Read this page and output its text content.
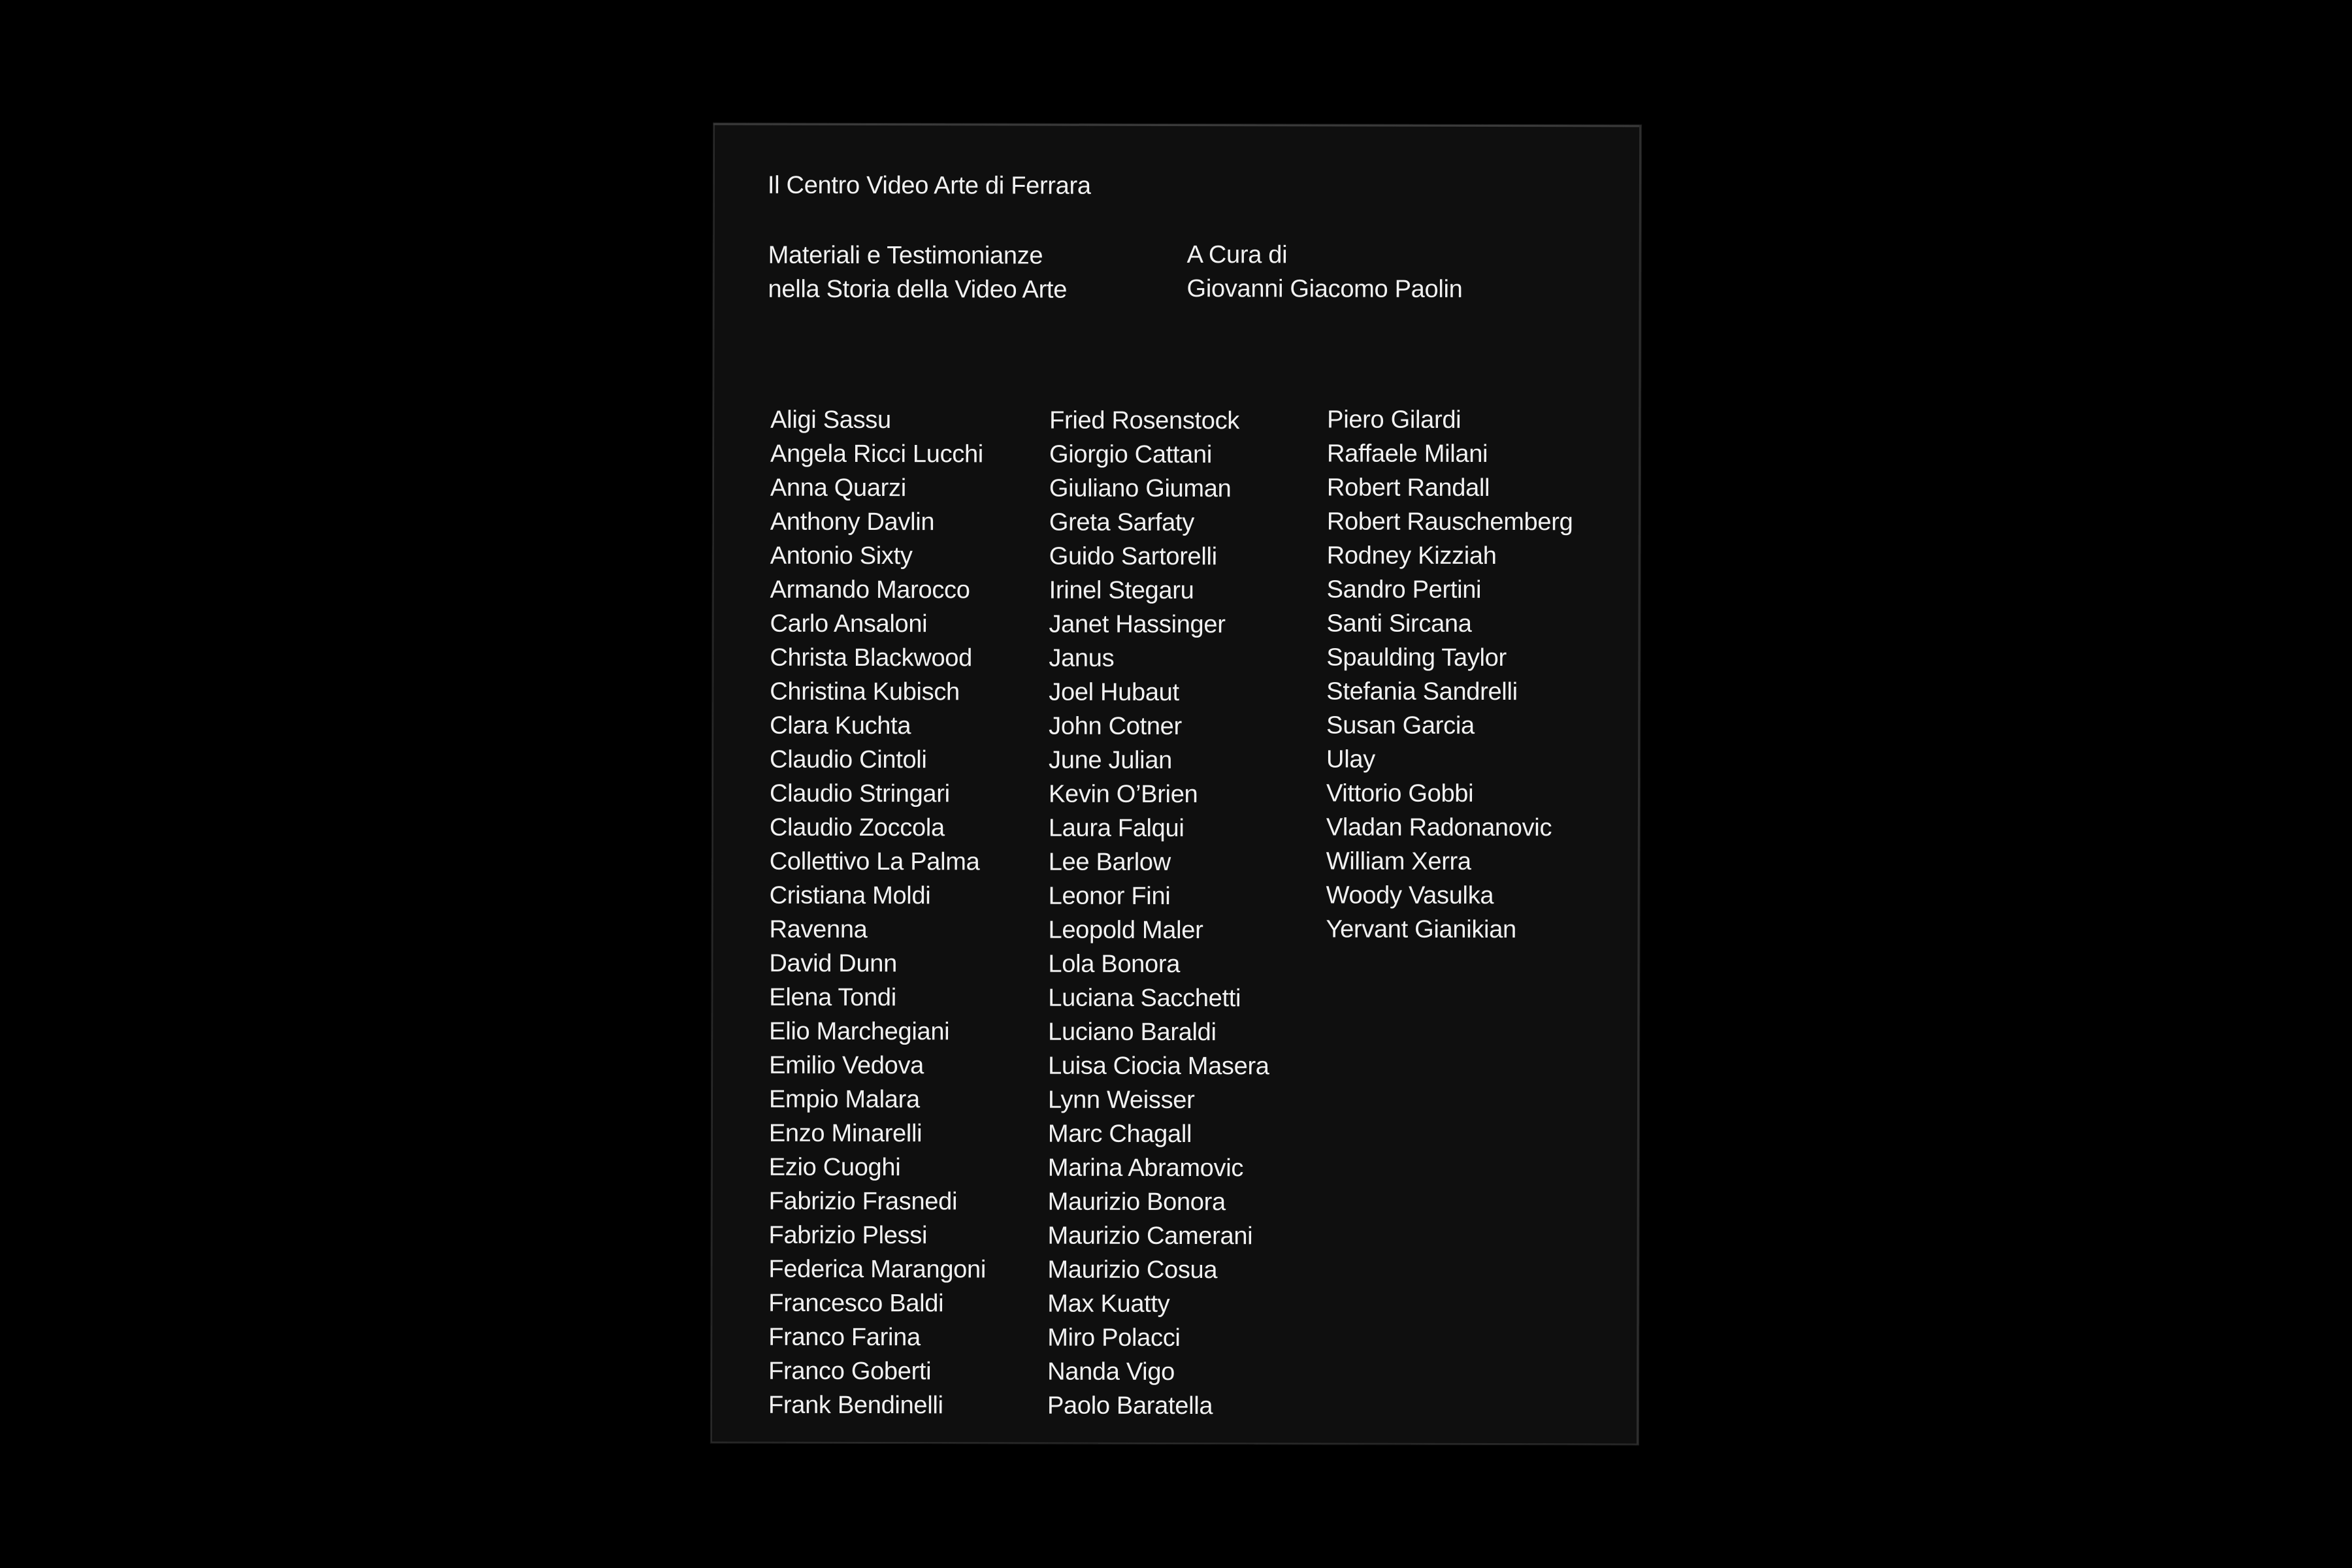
Il Centro Video Arte di Ferrara
Materiali e Testimonianze
nella Storia della Video Arte
A Cura di
Giovanni Giacomo Paolin
Aligi Sassu
Angela Ricci Lucchi
Anna Quarzi
Anthony Davlin
Antonio Sixty
Armando Marocco
Carlo Ansaloni
Christa Blackwood
Christina Kubisch
Clara Kuchta
Claudio Cintoli
Claudio Stringari
Claudio Zoccola
Collettivo La Palma
Cristiana Moldi
Ravenna
David Dunn
Elena Tondi
Elio Marchegiani
Emilio Vedova
Empio Malara
Enzo Minarelli
Ezio Cuoghi
Fabrizio Frasnedi
Fabrizio Plessi
Federica Marangoni
Francesco Baldi
Franco Farina
Franco Goberti
Frank Bendinelli
Fried Rosenstock
Giorgio Cattani
Giuliano Giuman
Greta Sarfaty
Guido Sartorelli
Irinel Stegaru
Janet Hassinger
Janus
Joel Hubaut
John Cotner
June Julian
Kevin O’Brien
Laura Falqui
Lee Barlow
Leonor Fini
Leopold Maler
Lola Bonora
Luciana Sacchetti
Luciano Baraldi
Luisa Ciocia Masera
Lynn Weisser
Marc Chagall
Marina Abramovic
Maurizio Bonora
Maurizio Camerani
Maurizio Cosua
Max Kuatty
Miro Polacci
Nanda Vigo
Paolo Baratella
Piero Gilardi
Raffaele Milani
Robert Randall
Robert Rauschemberg
Rodney Kizziah
Sandro Pertini
Santi Sircana
Spaulding Taylor
Stefania Sandrelli
Susan Garcia
Ulay
Vittorio Gobbi
Vladan Radonanovic
William Xerra
Woody Vasulka
Yervant Gianikian
